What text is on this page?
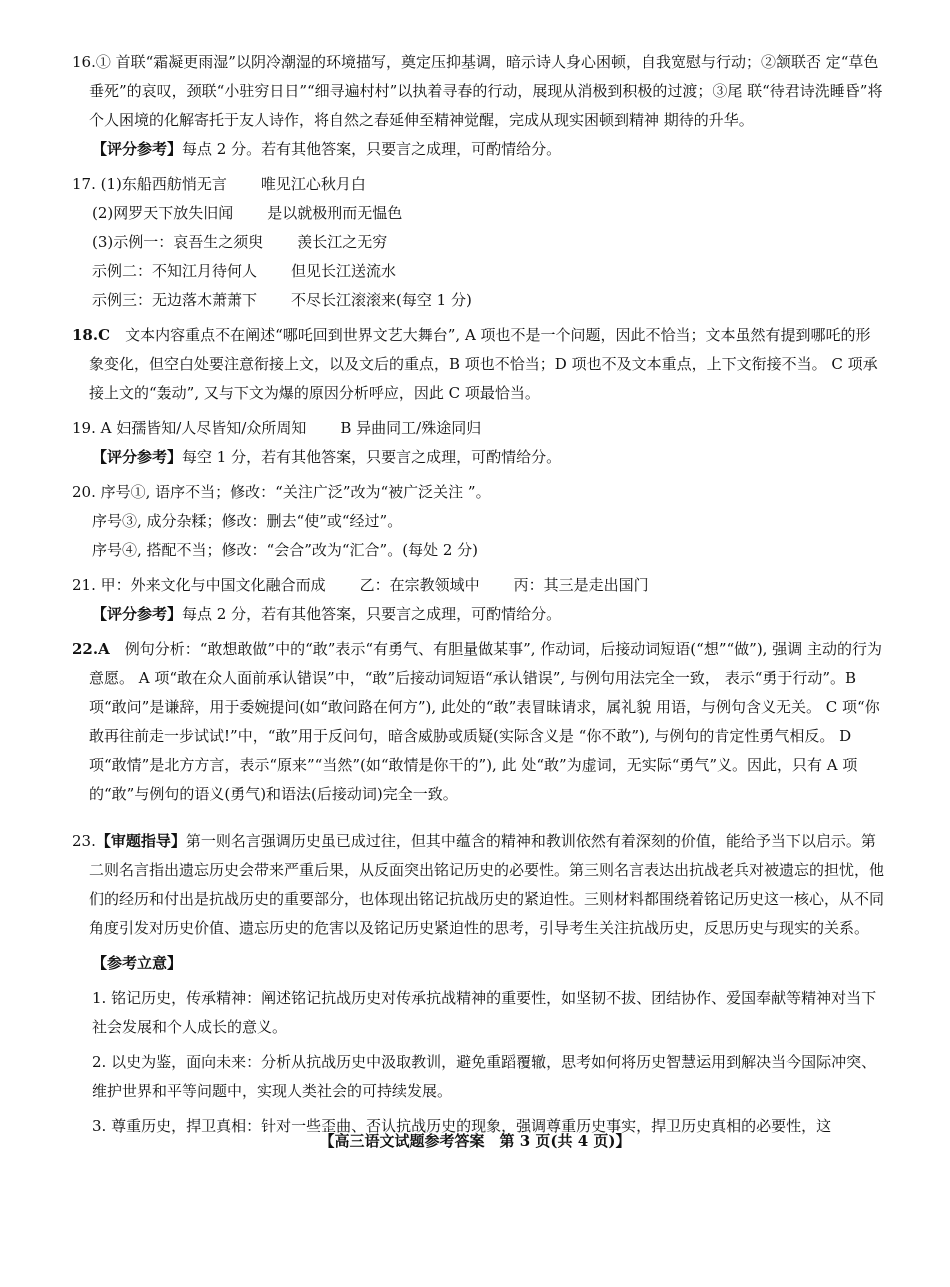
16.① 首联“霜凝更雨湿”以阴冷潮湿的环境描写，奠定压抑基调，暗示诗人身心困顿，自我宽慰与行动；②颔联否 定“草色垂死”的哀叹，颈联“小驻穷日日”“细寻遍村村”以执着寻春的行动，展现从消极到积极的过渡；③尾 联“待君诗洗睡昏”将个人困境的化解寄托于友人诗作，将自然之春延伸至精神觉醒，完成从现实困顿到精神 期待的升华。

【评分参考】每点 2 分。若有其他答案，只要言之成理，可酌情给分。

17. (1)东船西舫悄无言 唯见江心秋月白

(2)网罗天下放失旧闻 是以就极刑而无愠色

(3)示例一：哀吾生之须臾 羡长江之无穷

示例二：不知江月待何人 但见长江送流水

示例三：无边落木萧萧下 不尽长江滚滚来(每空 1 分)

18.C　 文本内容重点不在阐述“哪吒回到世界文艺大舞台”, A 项也不是一个问题，因此不恰当；文本虽然有提到哪吒的形象变化，但空白处要注意衔接上文，以及文后的重点，B 项也不恰当；D 项也不及文本重点，上下文衔接不当。 C 项承接上文的“轰动”, 又与下文为爆的原因分析呼应，因此 C 项最恰当。

19. A 妇孺皆知/人尽皆知/众所周知 B 异曲同工/殊途同归

【评分参考】每空 1 分，若有其他答案，只要言之成理，可酌情给分。

20. 序号①, 语序不当；修改：“关注广泛”改为“被广泛关注 ”。

序号③, 成分杂糅；修改：删去“使”或“经过”。

序号④, 搭配不当；修改：“会合”改为“汇合”。(每处 2 分)

21. 甲：外来文化与中国文化融合而成 乙：在宗教领域中 丙：其三是走出国门

【评分参考】每点 2 分，若有其他答案，只要言之成理，可酌情给分。

22.A　 例句分析：“敢想敢做”中的“敢”表示“有勇气、有胆量做某事”, 作动词，后接动词短语(“想”“做”), 强调 主动的行为意愿。 A 项“敢在众人面前承认错误”中，“敢”后接动词短语“承认错误”, 与例句用法完全一致， 表示“勇于行动”。B 项“敢问”是谦辞，用于委婉提问(如“敢问路在何方”), 此处的“敢”表冒昧请求，属礼貌 用语，与例句含义无关。 C 项“你敢再往前走一步试试!”中，“敢”用于反问句，暗含威胁或质疑(实际含义是 “你不敢”), 与例句的肯定性勇气相反。 D 项“敢情”是北方方言，表示“原来”“当然”(如“敢情是你干的”), 此 处“敢”为虚词，无实际“勇气”义。因此，只有 A 项的“敢”与例句的语义(勇气)和语法(后接动词)完全一致。

23.【审题指导】第一则名言强调历史虽已成过往，但其中蕴含的精神和教训依然有着深刻的价值，能给予当下以启示。第二则名言指出遗忘历史会带来严重后果，从反面突出铭记历史的必要性。第三则名言表达出抗战老兵对被遗忘的担忧，他们的经历和付出是抗战历史的重要部分，也体现出铭记抗战历史的紧迫性。三则材料都围绕着铭记历史这一核心，从不同角度引发对历史价值、遗忘历史的危害以及铭记历史紧迫性的思考，引导考生关注抗战历史，反思历史与现实的关系。

【参考立意】

1. 铭记历史，传承精神：阐述铭记抗战历史对传承抗战精神的重要性，如坚韧不拔、团结协作、爱国奉献等精神对当下社会发展和个人成长的意义。

2. 以史为鉴，面向未来：分析从抗战历史中汲取教训，避免重蹈覆辙，思考如何将历史智慧运用到解决当今国际冲突、维护世界和平等问题中，实现人类社会的可持续发展。

3. 尊重历史，捍卫真相：针对一些歪曲、否认抗战历史的现象，强调尊重历史事实，捍卫历史真相的必要性，这

【高三语文试题参考答案　第 3 页(共 4 页)】
